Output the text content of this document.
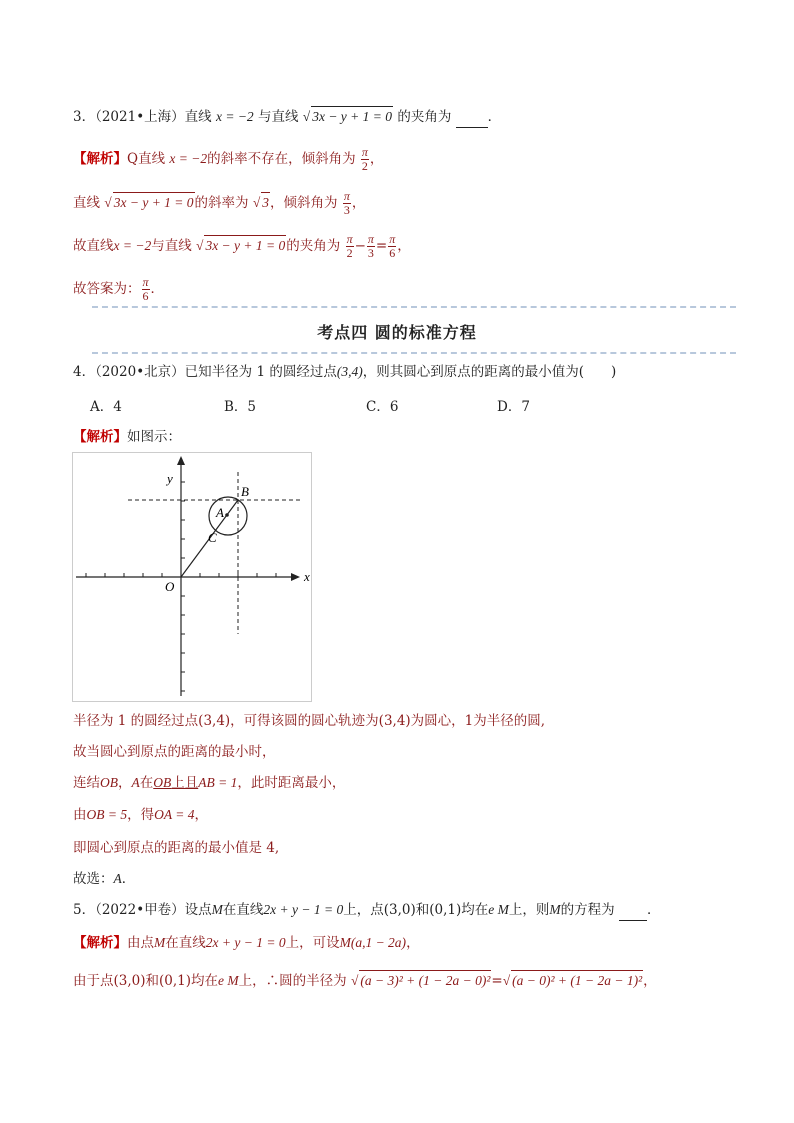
3．（2021•上海）直线 x = −2 与直线 √ 3x − y + 1 = 0 的夹角为	．
【解析】Q直线 x = −2的斜率不存在，倾斜角为 $\frac{\pi}{2}$ ，
直线 √ 3x − y + 1 = 0的斜率为 √ 3，倾斜角为 $\frac{\pi}{3}$ ，
故直线x = −2与直线 √ 3x − y + 1 = 0的夹角为 $\frac{\pi}{2} - \frac{\pi}{3} = \frac{\pi}{6}$ ，
故答案为： $\frac{\pi}{6}$ ．
考点四 圆的标准方程
4．（2020•北京）已知半径为 1 的圆经过点(3,4)，则其圆心到原点的距离的最小值为(　　)
A．4	B．5	C．6	D．7
【解析】如图示：
y
x
O
A
B
C
半径为 1 的圆经过点(3,4)，可得该圆的圆心轨迹为(3,4)为圆心，1为半径的圆,
故当圆心到原点的距离的最小时，
连结OB，A在OB上且AB = 1，此时距离最小，
由OB = 5，得OA = 4，
即圆心到原点的距离的最小值是 4,
故选：A．
5．（2022•甲卷）设点M在直线2x + y − 1 = 0上，点(3,0)和(0,1)均在e M上，则M的方程为 ．
【解析】由点M在直线2x + y − 1 = 0上，可设M(a,1 − 2a)，
由于点(3,0)和(0,1)均在e M上，∴圆的半径为 √ (a − 3)² + (1 − 2a − 0)²=√ (a − 0)² + (1 − 2a − 1)²，
